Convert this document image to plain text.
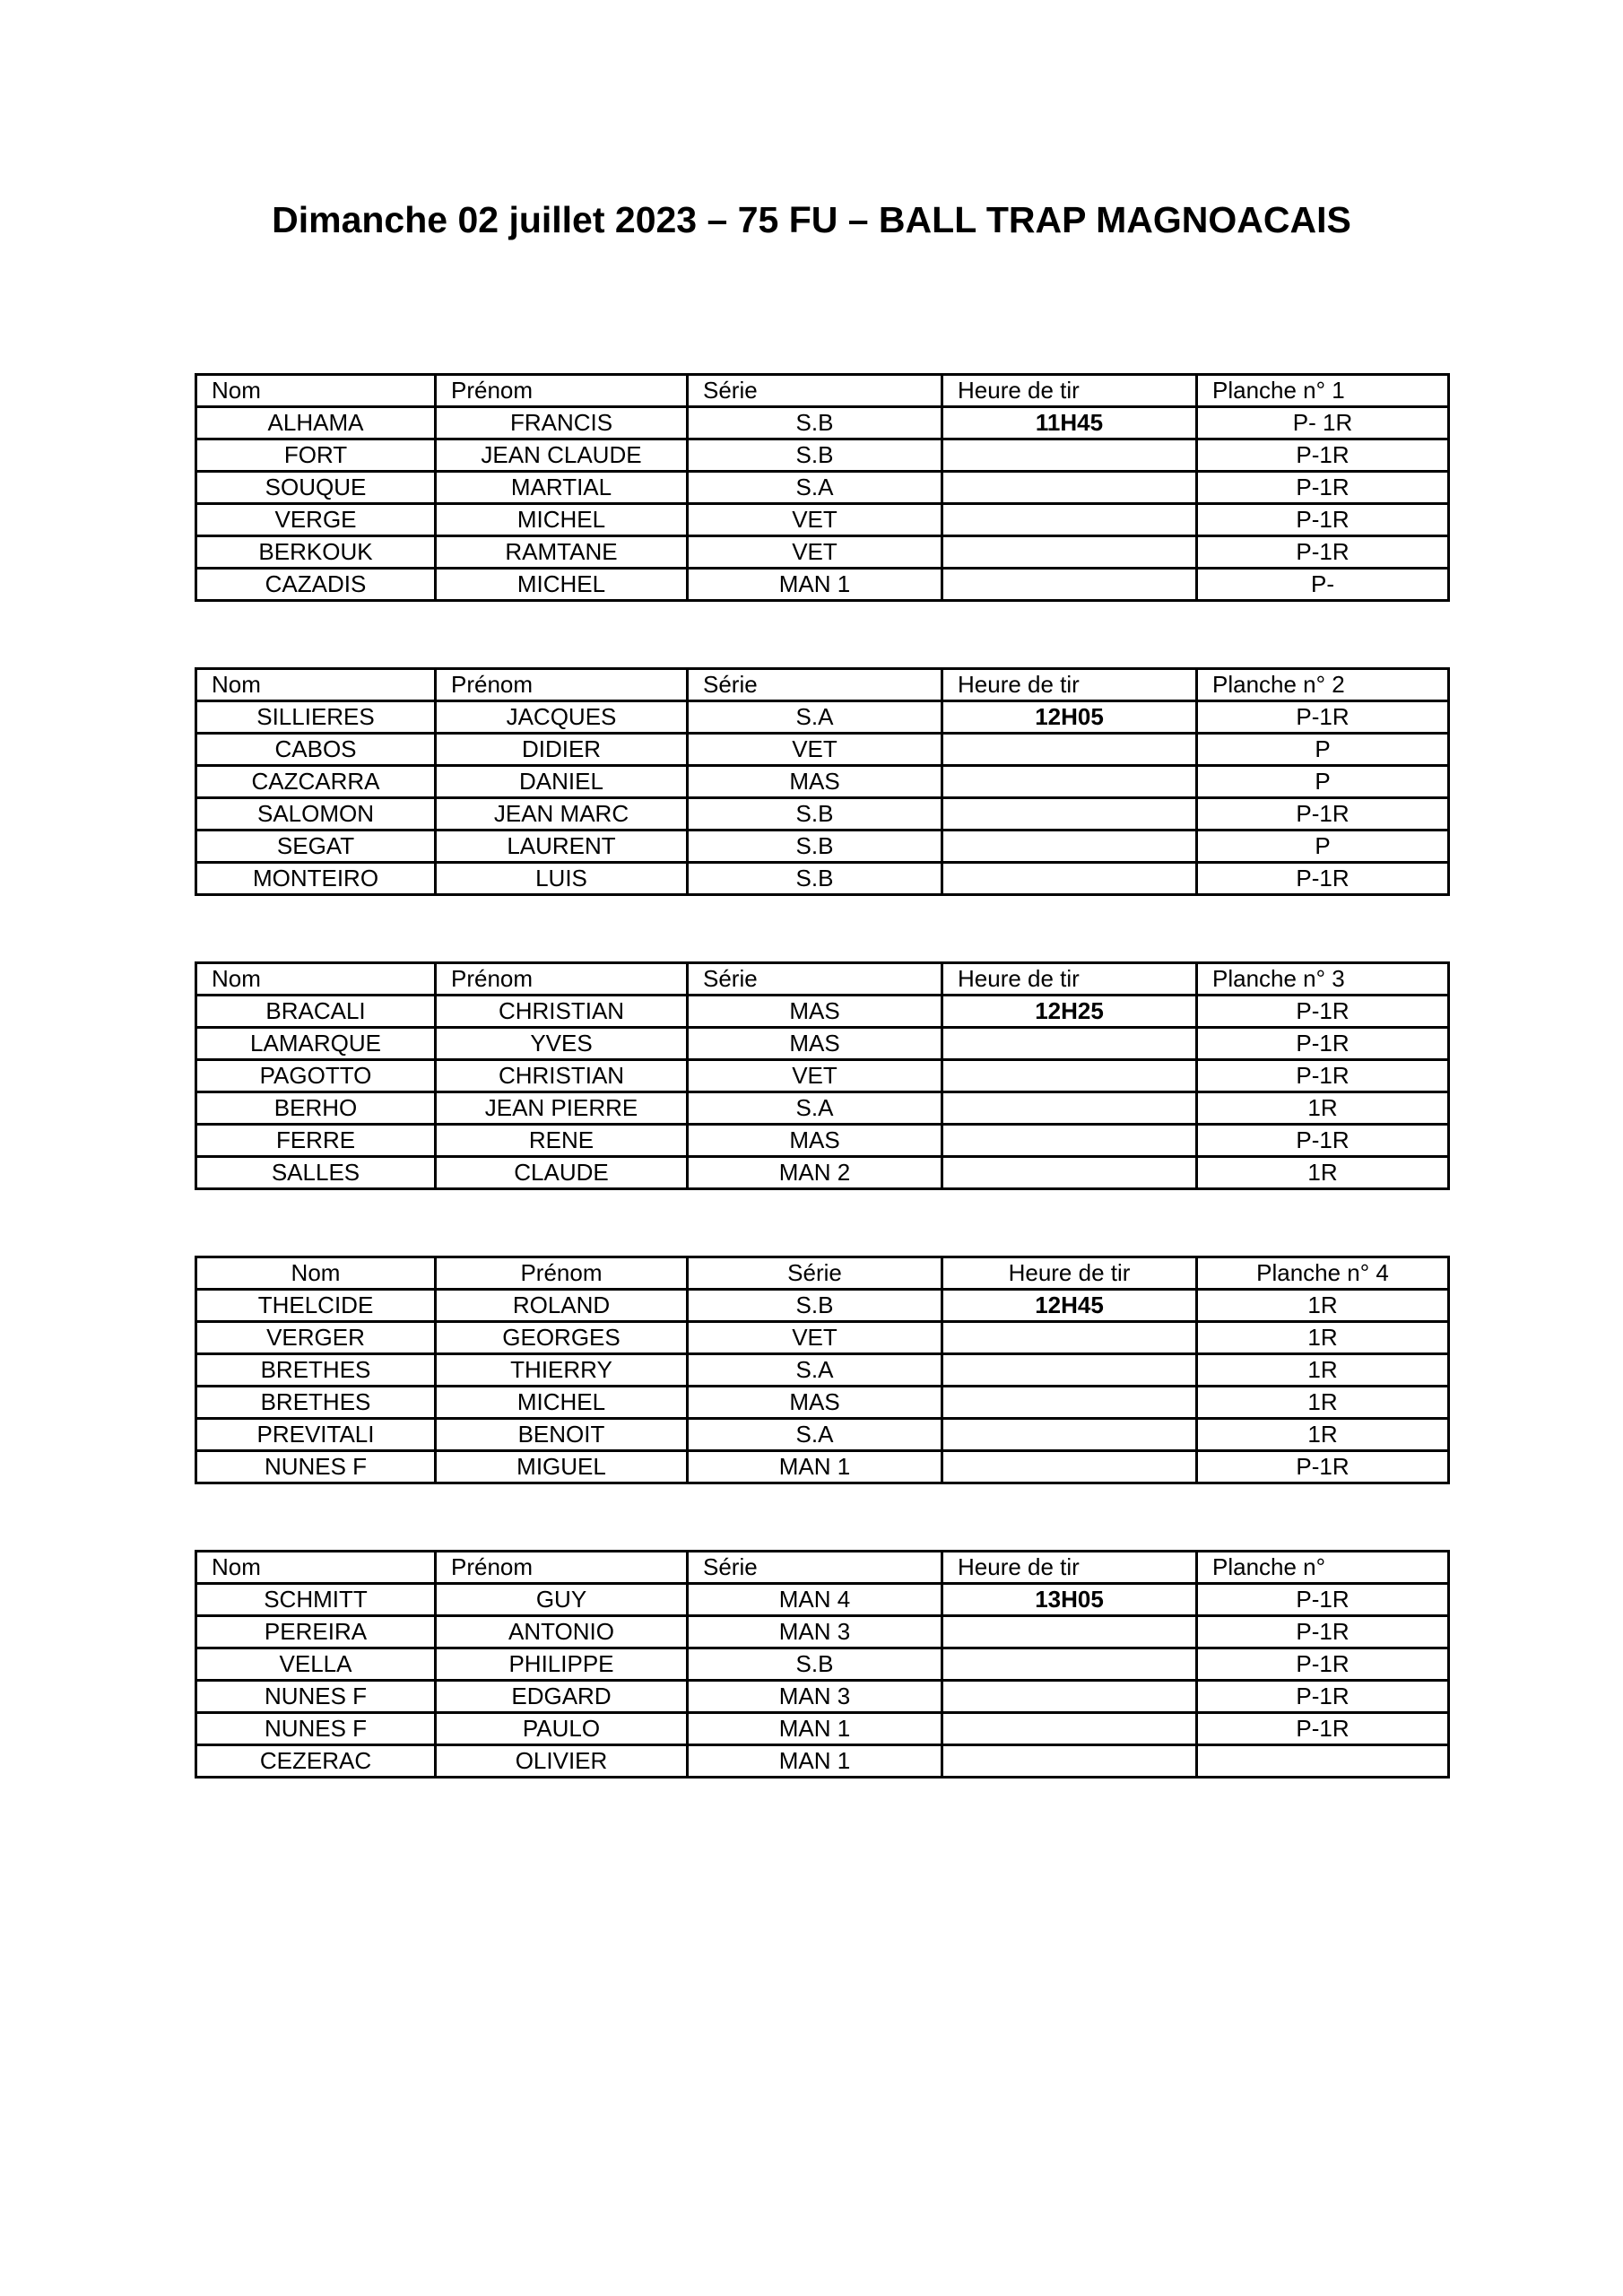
Dimanche 02 juillet 2023 – 75 FU – BALL TRAP MAGNOACAIS
Nom	Prénom	Série	Heure de tir	Planche n° 1
ALHAMA	FRANCIS	S.B	11H45	P- 1R
FORT	JEAN CLAUDE	S.B		P-1R
SOUQUE	MARTIAL	S.A		P-1R
VERGE	MICHEL	VET		P-1R
BERKOUK	RAMTANE	VET		P-1R
CAZADIS	MICHEL	MAN 1		P-
Nom	Prénom	Série	Heure de tir	Planche n° 2
SILLIERES	JACQUES	S.A	12H05	P-1R
CABOS	DIDIER	VET		P
CAZCARRA	DANIEL	MAS		P
SALOMON	JEAN MARC	S.B		P-1R
SEGAT	LAURENT	S.B		P
MONTEIRO	LUIS	S.B		P-1R
Nom	Prénom	Série	Heure de tir	Planche n° 3
BRACALI	CHRISTIAN	MAS	12H25	P-1R
LAMARQUE	YVES	MAS		P-1R
PAGOTTO	CHRISTIAN	VET		P-1R
BERHO	JEAN PIERRE	S.A		1R
FERRE	RENE	MAS		P-1R
SALLES	CLAUDE	MAN 2		1R
Nom	Prénom	Série	Heure de tir	Planche n° 4
THELCIDE	ROLAND	S.B	12H45	1R
VERGER	GEORGES	VET		1R
BRETHES	THIERRY	S.A		1R
BRETHES	MICHEL	MAS		1R
PREVITALI	BENOIT	S.A		1R
NUNES F	MIGUEL	MAN 1		P-1R
Nom	Prénom	Série	Heure de tir	Planche n°
SCHMITT	GUY	MAN 4	13H05	P-1R
PEREIRA	ANTONIO	MAN 3		P-1R
VELLA	PHILIPPE	S.B		P-1R
NUNES F	EDGARD	MAN 3		P-1R
NUNES F	PAULO	MAN 1		P-1R
CEZERAC	OLIVIER	MAN 1		
